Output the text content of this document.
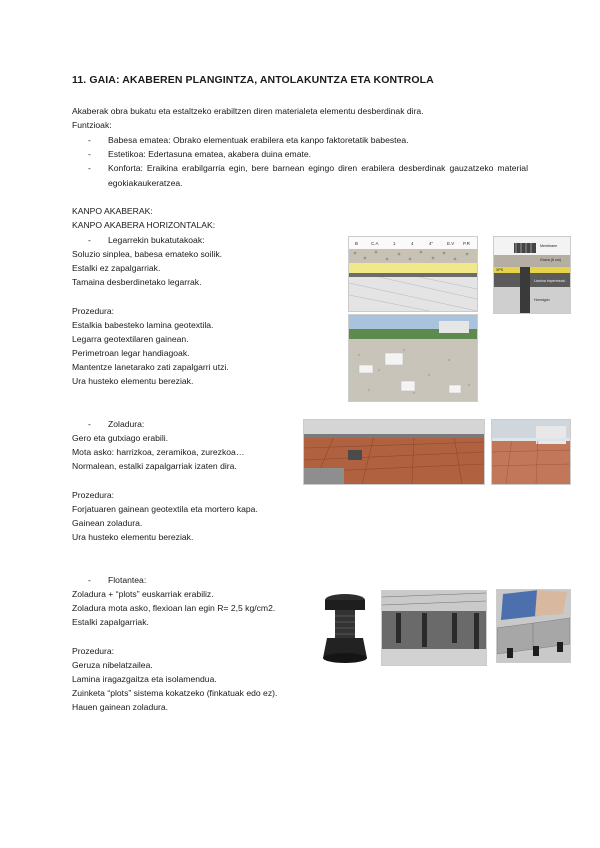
11. GAIA: AKABEREN PLANGINTZA, ANTOLAKUNTZA ETA KONTROLA
Akaberak obra bukatu eta estaltzeko erabiltzen diren materialeta elementu desberdinak dira.
Funtzioak:
- Babesa ematea: Obrako elementuak erabilera eta kanpo faktoretatik babestea.
- Estetikoa: Edertasuna ematea, akabera duina emate.
- Konforta: Eraikina erabilgarria egin, bere barnean egingo diren erabilera desberdinak gauzatzeko material egokiakaukeratzea.
KANPO AKABERAK:
KANPO AKABERA HORIZONTALAK:
- Legarrekin bukatutakoak:
Soluzio sinplea, babesa emateko soilik.
Estalki ez zapalgarriak.
Tamaina desberdinetako legarrak.
Prozedura:
Estalkia babesteko lamina geotextila.
Legarra geotextilaren gainean.
Perimetroan legar handiagoak.
Mantentze lanetarako zati zapalgarri utzi.
Ura husteko elementu bereziak.
- Zoladura:
Gero eta gutxiago erabili.
Mota asko: harrizkoa, zeramikoa, zurezkoa…
Normalean, estalki zapalgarriak izaten dira.
Prozedura:
Forjatuaren gainean geotextila eta mortero kapa.
Gainean zoladura.
Ura husteko elementu bereziak.
- Flotantea:
Zoladura + “plots” euskarriak erabiliz.
Zoladura mota asko, flexioan lan egin R= 2,5 kg/cm2.
Estalki zapalgarriak.
Prozedura:
Geruza nibelatzailea.
Lamina iragazgaitza eta isolamendua.
Zuinketa “plots” sistema kokatzeko (finkatuak edo ez).
Hauen gainean zoladura.
B	C.A	1	4	4"	E.V P.R	Membrane
Grava (6 cm)
XPS
Lámina impermeab.
Hormigón
